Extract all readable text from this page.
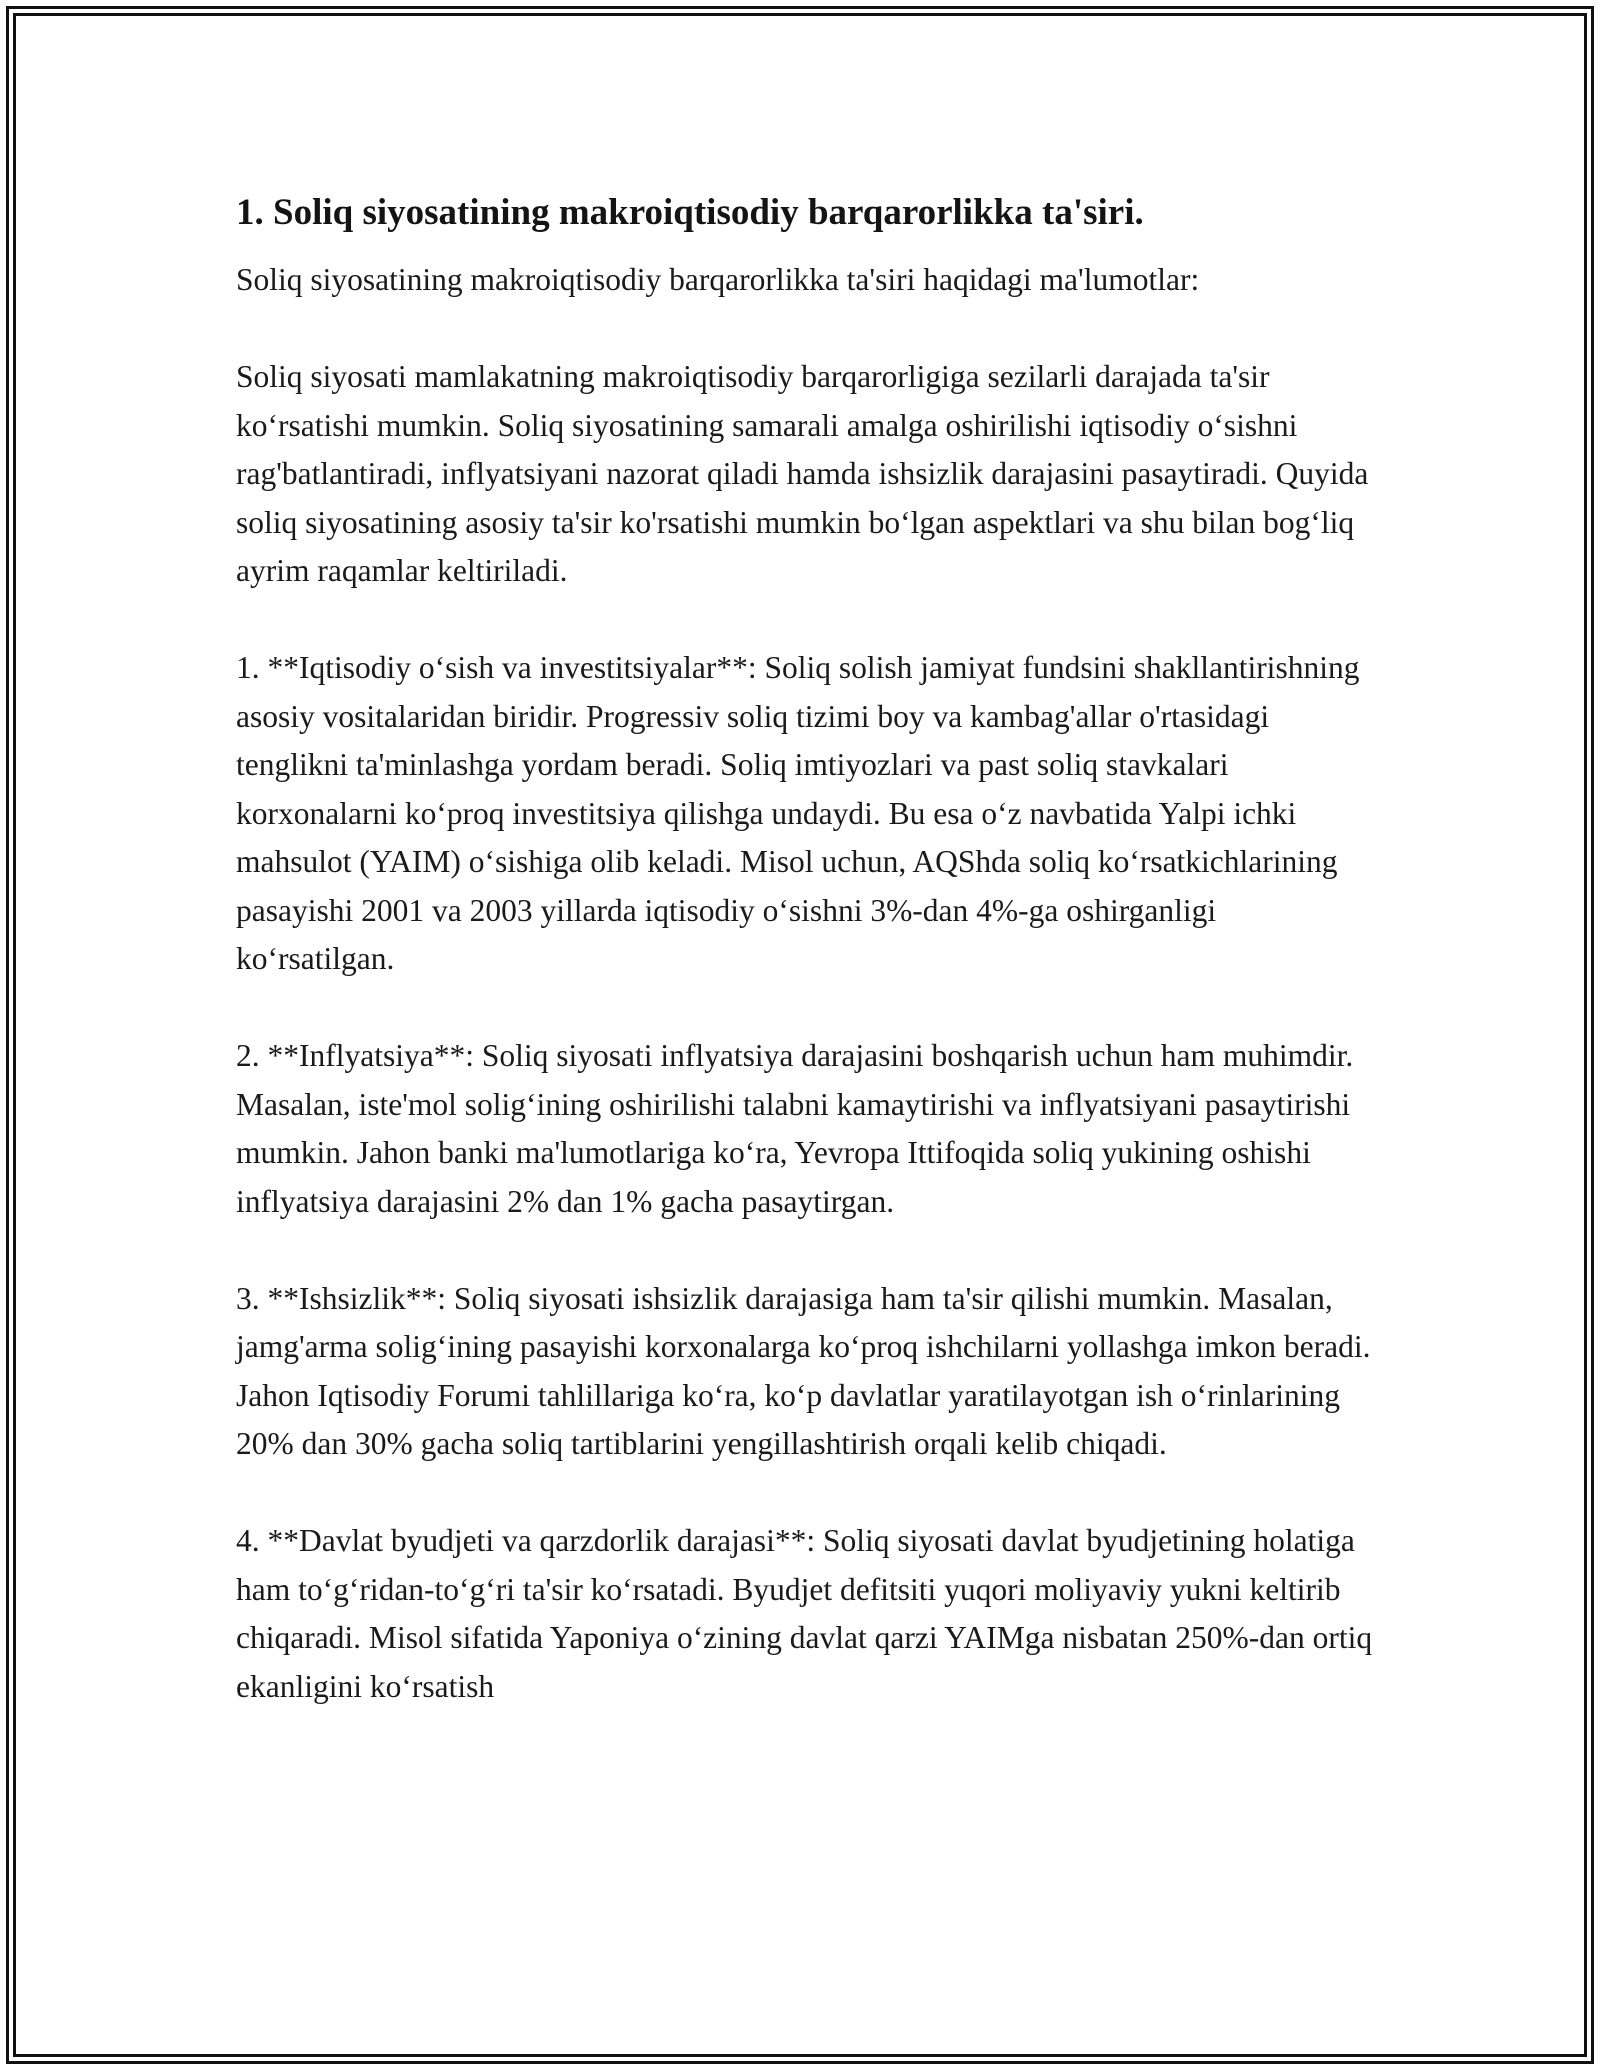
1. Soliq siyosatining makroiqtisodiy barqarorlikka ta'siri.

Soliq siyosatining makroiqtisodiy barqarorlikka ta'siri haqidagi ma'lumotlar:

Soliq siyosati mamlakatning makroiqtisodiy barqarorligiga sezilarli darajada ta'sir ko‘rsatishi mumkin. Soliq siyosatining samarali amalga oshirilishi iqtisodiy o‘sishni rag'batlantiradi, inflyatsiyani nazorat qiladi hamda ishsizlik darajasini pasaytiradi. Quyida soliq siyosatining asosiy ta'sir ko'rsatishi mumkin bo‘lgan aspektlari va shu bilan bog‘liq ayrim raqamlar keltiriladi.

1. **Iqtisodiy o‘sish va investitsiyalar**: Soliq solish jamiyat fundsini shakllantirishning asosiy vositalaridan biridir. Progressiv soliq tizimi boy va kambag'allar o'rtasidagi tenglikni ta'minlashga yordam beradi. Soliq imtiyozlari va past soliq stavkalari korxonalarni ko‘proq investitsiya qilishga undaydi. Bu esa o‘z navbatida Yalpi ichki mahsulot (YAIM) o‘sishiga olib keladi. Misol uchun, AQShda soliq ko‘rsatkichlarining pasayishi 2001 va 2003 yillarda iqtisodiy o‘sishni 3%-dan 4%-ga oshirganligi ko‘rsatilgan.

2. **Inflyatsiya**: Soliq siyosati inflyatsiya darajasini boshqarish uchun ham muhimdir. Masalan, iste'mol solig‘ining oshirilishi talabni kamaytirishi va inflyatsiyani pasaytirishi mumkin. Jahon banki ma'lumotlariga ko‘ra, Yevropa Ittifoqida soliq yukining oshishi inflyatsiya darajasini 2% dan 1% gacha pasaytirgan.

3. **Ishsizlik**: Soliq siyosati ishsizlik darajasiga ham ta'sir qilishi mumkin. Masalan, jamg'arma solig‘ining pasayishi korxonalarga ko‘proq ishchilarni yollashga imkon beradi. Jahon Iqtisodiy Forumi tahlillariga ko‘ra, ko‘p davlatlar yaratilayotgan ish o‘rinlarining 20% dan 30% gacha soliq tartiblarini yengillashtirish orqali kelib chiqadi.

4. **Davlat byudjeti va qarzdorlik darajasi**: Soliq siyosati davlat byudjetining holatiga ham to‘g‘ridan-to‘g‘ri ta'sir ko‘rsatadi. Byudjet defitsiti yuqori moliyaviy yukni keltirib chiqaradi. Misol sifatida Yaponiya o‘zining davlat qarzi YAIMga nisbatan 250%-dan ortiq ekanligini ko‘rsatish
